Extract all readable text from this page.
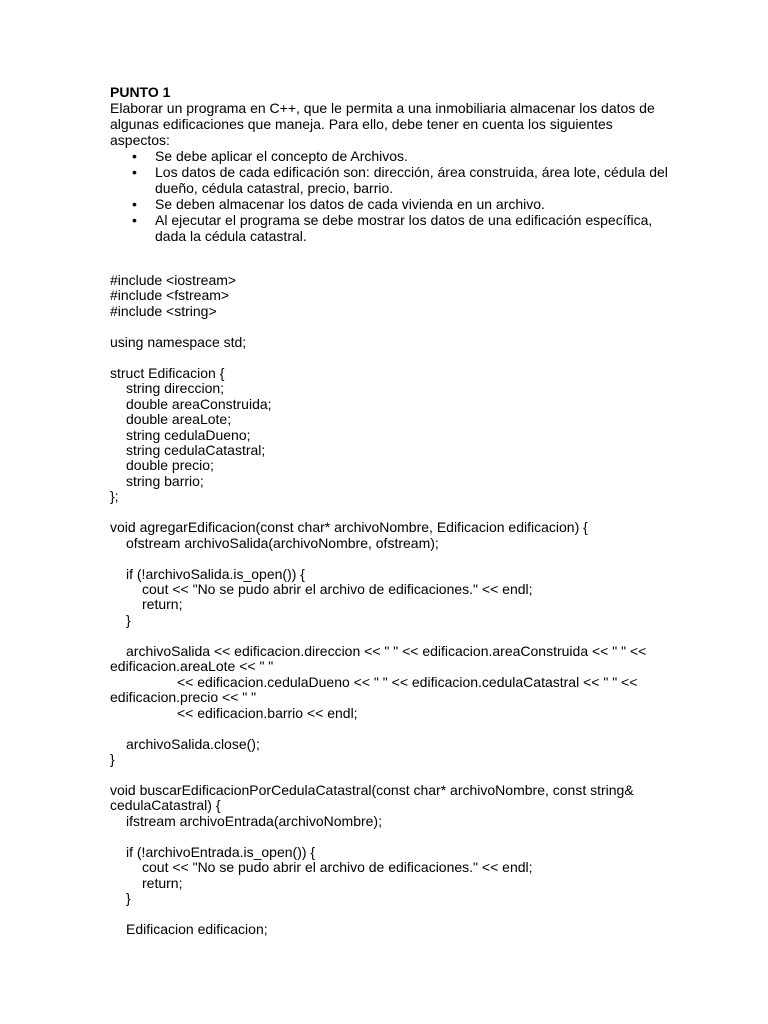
PUNTO 1

Elaborar un programa en C++, que le permita a una inmobiliaria almacenar los datos de algunas edificaciones que maneja. Para ello, debe tener en cuenta los siguientes aspectos:

• Se debe aplicar el concepto de Archivos.
• Los datos de cada edificación son: dirección, área construida, área lote, cédula del dueño, cédula catastral, precio, barrio.
• Se deben almacenar los datos de cada vivienda en un archivo.
• Al ejecutar el programa se debe mostrar los datos de una edificación específica, dada la cédula catastral.
#include <iostream>
#include <fstream>
#include <string>
using namespace std;
struct Edificacion {
string direccion;
double areaConstruida;
double areaLote;
string cedulaDueno;
string cedulaCatastral;
double precio;
string barrio;
};
void agregarEdificacion(const char* archivoNombre, Edificacion edificacion) {
ofstream archivoSalida(archivoNombre, ofstream);
if (!archivoSalida.is_open()) {
cout << "No se pudo abrir el archivo de edificaciones." << endl;
return;
}
archivoSalida << edificacion.direccion << " " << edificacion.areaConstruida << " " <<
edificacion.areaLote << " "
<< edificacion.cedulaDueno << " " << edificacion.cedulaCatastral << " " <<
edificacion.precio << " "
<< edificacion.barrio << endl;
archivoSalida.close();
}
void buscarEdificacionPorCedulaCatastral(const char* archivoNombre, const string&
cedulaCatastral) {
ifstream archivoEntrada(archivoNombre);
if (!archivoEntrada.is_open()) {
cout << "No se pudo abrir el archivo de edificaciones." << endl;
return;
}
Edificacion edificacion;
